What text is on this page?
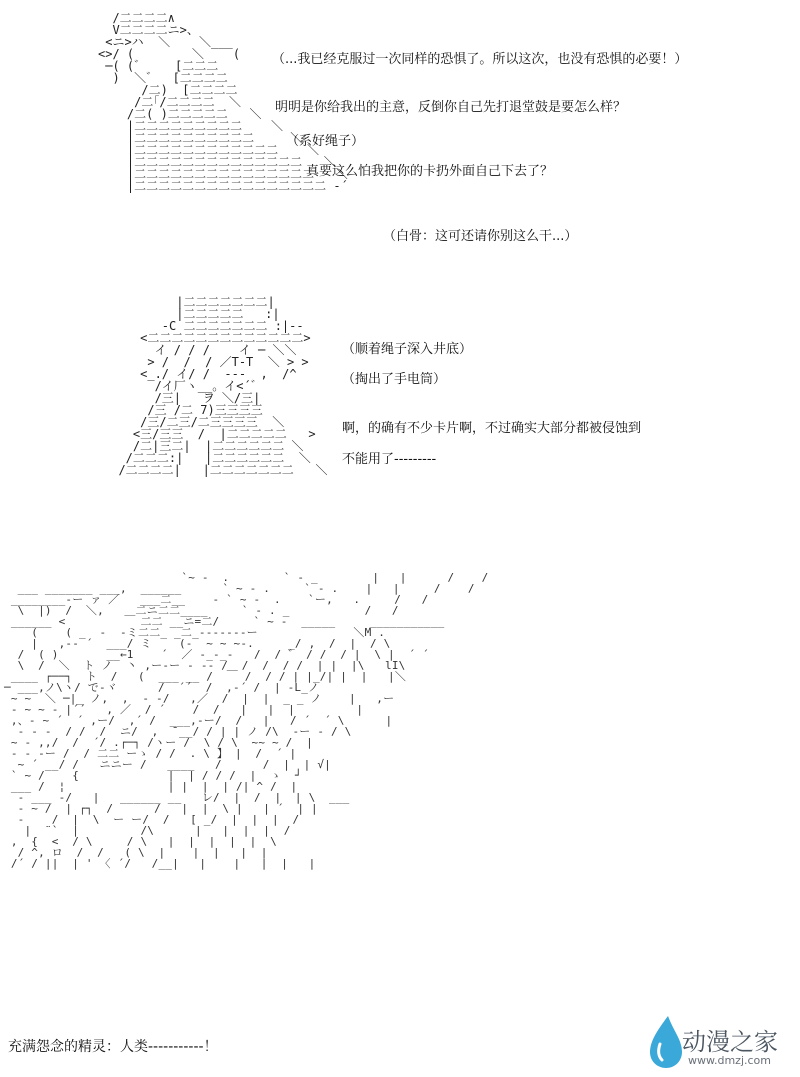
/二二二二∧
V二二二二ニ>、
<ニ>ハ  ＼    ＼___
<>/ (        ＼    (
─( (゛    [二二二
)  ＼゛  [二二二二
/二)  [二二二二
/二｢/二二二二  ＼
/二( )二二二二二   ＼
|二二二二二二二二二    ＼
|二二二二二二二二二二     ＼
|二二二二二二二二二二二二    ＼
|二二二二二二二二二二二二二二   ＼
|二二二二二二二二二二二二二二二   ＼
|二二二二二二二二二二二二二二二二 -´
（...我已经克服过一次同样的恐惧了。所以这次，也没有恐惧的必要！）
明明是你给我出的主意，反倒你自己先打退堂鼓是要怎么样？
（系好绳子）
真要这么怕我把你的卡扔外面自己下去了？
（白骨：这可还请你别这么干...）
|二二二二二二二|
|二二二二二   :|
-C 二二二二二二二 :|--
<二二二二二二二二二二二二二>
イ / / /    イ ─ ＼＼
> /  /  / ／T-T  ＼ > >
<_./ イ/ /  ---  ,  /^
/イ厂ヽ__。イ<´゛
/三|   ヲ ＼/三|
/三 /二 7)三三三三
/三/二三/二三三三三  ＼
<三/三三  /  |二二二二二   >
/二|三二|  |二二二二二二 ＼
/二二二:|   |二二二二二二  ＼
/二二二二|   |二二二二二二二   ＼
（顺着绳子深入井底）
（掏出了手电筒）
啊，的确有不少卡片啊，不过确实大部分都被侵蚀到
不能用了---------
`~ -  .        ` - _        |   |      /    /
___ _______ ___,  ______      ` ~ - .     ` - .    |   |     /    /
________-ー ァ ／   ___二__    - ` ~ -  .    `ー,   .     /   /
\  |)  /  ＼,   ＿二ニ二二____     ` - . _           /   /
______ <           二二 __ニ=二/     ` ~ -  _____     ___________
(    ( _  -  -ミ二二_ _二_-------ー              ＼M .
|   ,-- ´  ___/ ミ    (-  ~ ~ ~-.     _/ ,  /  |  / \
/  ( )       __←1    ´  ／ -_-_-   /  / ゛ / /  / |  \ |  ´ ´
\  /  ＼  ト ノ  丶 ,ー-ー - -- /  /  /  / /  | |  |\   lI\
____ ┌──┐  ト  /   (  ___ __ /  ￣ /  / / | |_/| |  |   |＼
─ ___,ノ\ヽ/ で-ヾ      /  ´´  /  ,-´ /  | -L_ノ
~ ~  ＼ ─|_ ノ,  ,  - -/   ,／  /  |  |  _ _ ノ    |   ,ー
- ~ ~ - |´´   , ／  / ´    /  /   |   |  |         |
,、- ~ ´  ´ ,ー/  ,´ /  ___,-ー/  /   |   / ´  ´ \      |
- - -  / /  /  ニ/  ,  ̄ __/ / | | ノ /\  -ー - / \
~ - ,,/  /  ´/ .┌─┐ /ヽー /  \ / \  ~~ ~ /  |
- - -ー /  / 二二 ーゝ / /  . \ 】 |  /  ´ |
~ ´ __/ /   ニニー /   ____   /      /  |  | √|
` ~ /    {             |  | / / /  |  ゝ  ┘
___ /  ¦               | |  |  | /| ^ /  |
- ___ -/   |   ______ __   レ/  |  /  |  | \  ___
- ~ /  | ┌┐  /      /   |  |  \ |   | ´  | |
-    /  |  \  ー ー/  /   [ _/  |  |  |  /
|  ¨`  |         /\      |   |  |  |  /
,  {  <  / \     / \   |  |  |  |  |  \
/ ^, ロ  /  /   ( \  |    |  |   |  |
/´ / ||  | ' 〈 ´/   /__|   |    |   |  |   |
充满怨念的精灵：人类-----------！	动漫之家
www.dmzj.com
